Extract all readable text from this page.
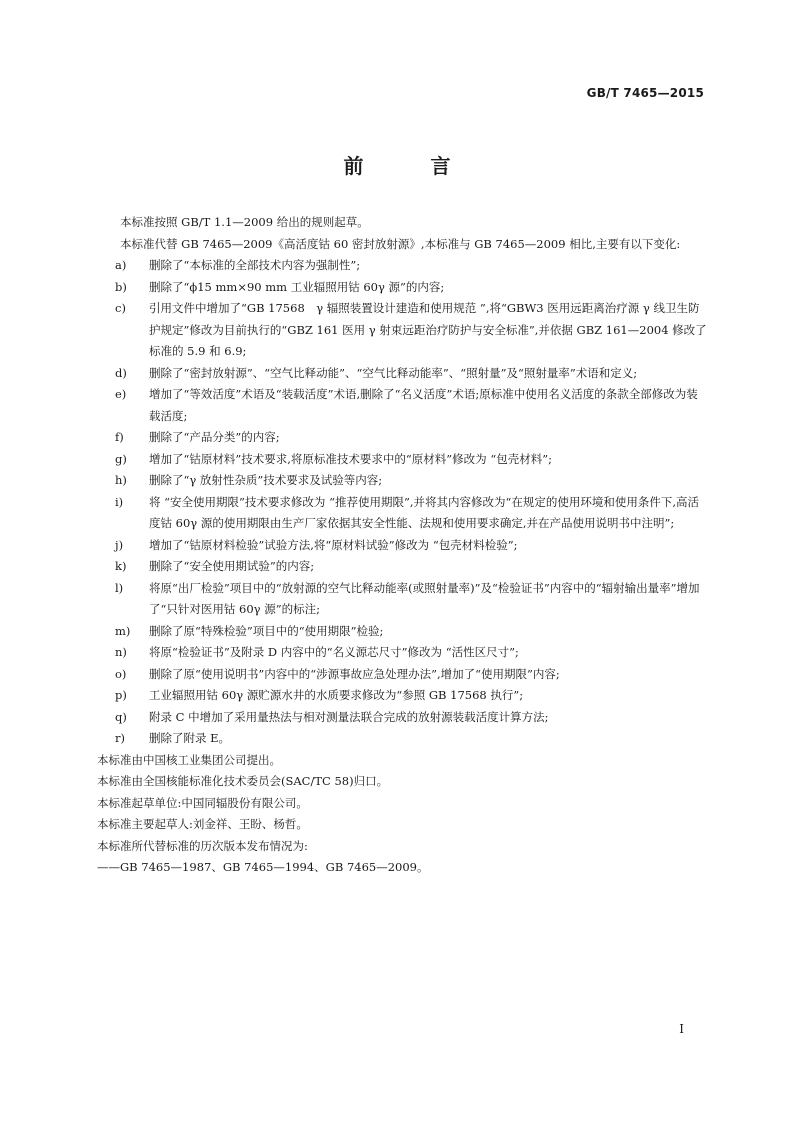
GB/T 7465—2015
前 言

本标准按照 GB/T 1.1—2009 给出的规则起草。

本标准代替 GB 7465—2009《高活度钴 60 密封放射源》,本标准与 GB 7465—2009 相比,主要有以下变化:

a) 删除了“本标准的全部技术内容为强制性”;
b) 删除了“ϕ15 mm×90 mm 工业辐照用钴 60γ 源”的内容;
c) 引用文件中增加了“GB 17568　γ 辐照装置设计建造和使用规范 ”,将“GBW3 医用远距离治疗源 γ 线卫生防护规定”修改为目前执行的“GBZ 161 医用 γ 射束远距治疗防护与安全标准”,并依据 GBZ 161—2004 修改了标准的 5.9 和 6.9;
d) 删除了“密封放射源”、“空气比释动能”、“空气比释动能率”、“照射量”及“照射量率”术语和定义;
e) 增加了“等效活度”术语及“装载活度”术语,删除了“名义活度”术语;原标准中使用名义活度的条款全部修改为装载活度;
f) 删除了“产品分类”的内容;
g) 增加了“钴原材料”技术要求,将原标准技术要求中的“原材料”修改为 “包壳材料”;
h) 删除了“γ 放射性杂质”技术要求及试验等内容;
i) 将 “安全使用期限”技术要求修改为 “推荐使用期限”,并将其内容修改为“在规定的使用环境和使用条件下,高活度钴 60γ 源的使用期限由生产厂家依据其安全性能、法规和使用要求确定,并在产品使用说明书中注明”;
j) 增加了“钴原材料检验”试验方法,将“原材料试验”修改为 “包壳材料检验”;
k) 删除了“安全使用期试验”的内容;
l) 将原“出厂检验”项目中的“放射源的空气比释动能率(或照射量率)”及“检验证书”内容中的“辐射输出量率”增加了“只针对医用钴 60γ 源”的标注;
m) 删除了原“特殊检验”项目中的“使用期限”检验;
n) 将原“检验证书”及附录 D 内容中的“名义源芯尺寸”修改为 “活性区尺寸”;
o) 删除了原“使用说明书”内容中的“涉源事故应急处理办法”,增加了“使用期限”内容;
p) 工业辐照用钴 60γ 源贮源水井的水质要求修改为“参照 GB 17568 执行”;
q) 附录 C 中增加了采用量热法与相对测量法联合完成的放射源装载活度计算方法;
r) 删除了附录 E。

本标准由中国核工业集团公司提出。

本标准由全国核能标准化技术委员会(SAC/TC 58)归口。

本标准起草单位:中国同辐股份有限公司。

本标准主要起草人:刘金祥、王盼、杨哲。

本标准所代替标准的历次版本发布情况为:

——GB 7465—1987、GB 7465—1994、GB 7465—2009。

I
